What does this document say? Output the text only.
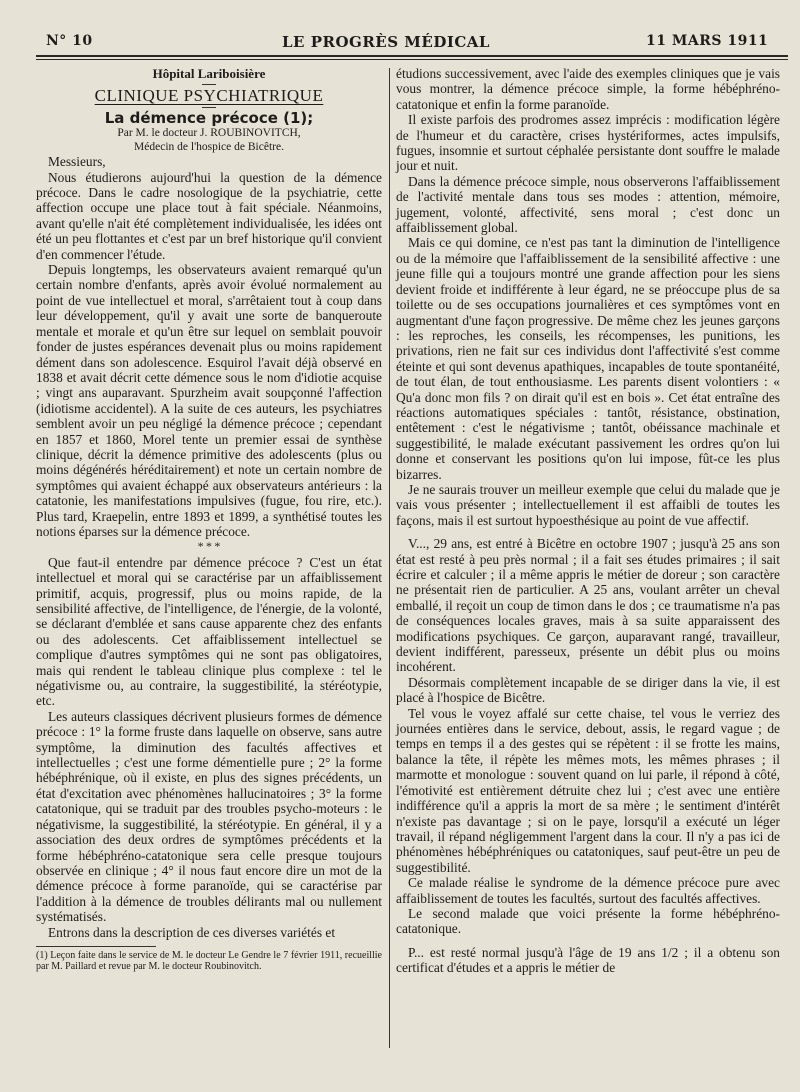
N° 10	LE PROGRÈS MÉDICAL	11 MARS 1911

Hôpital Lariboisière

CLINIQUE PSYCHIATRIQUE

La démence précoce (1);

Par M. le docteur J. ROUBINOVITCH,

Médecin de l'hospice de Bicêtre.

Messieurs,

Nous étudierons aujourd'hui la question de la démence précoce. Dans le cadre nosologique de la psychiatrie, cette affection occupe une place tout à fait spéciale. Néanmoins, avant qu'elle n'ait été complètement individualisée, les idées ont été un peu flottantes et c'est par un bref historique qu'il convient d'en commencer l'étude.

Depuis longtemps, les observateurs avaient remarqué qu'un certain nombre d'enfants, après avoir évolué normalement au point de vue intellectuel et moral, s'arrêtaient tout à coup dans leur développement, qu'il y avait une sorte de banqueroute mentale et morale et qu'un être sur lequel on semblait pouvoir fonder de justes espérances devenait plus ou moins rapidement dément dans son adolescence. Esquirol l'avait déjà observé en 1838 et avait décrit cette démence sous le nom d'idiotie acquise ; vingt ans auparavant. Spurzheim avait soupçonné l'affection (idiotisme accidentel). A la suite de ces auteurs, les psychiatres semblent avoir un peu négligé la démence précoce ; cependant en 1857 et 1860, Morel tente un premier essai de synthèse clinique, décrit la démence primitive des adolescents (plus ou moins dégénérés héréditairement) et note un certain nombre de symptômes qui avaient échappé aux observateurs antérieurs : la catatonie, les manifestations impulsives (fugue, fou rire, etc.). Plus tard, Kraepelin, entre 1893 et 1899, a synthétisé toutes les notions éparses sur la démence précoce.

* * *

Que faut-il entendre par démence précoce ? C'est un état intellectuel et moral qui se caractérise par un affaiblissement primitif, acquis, progressif, plus ou moins rapide, de la sensibilité affective, de l'intelligence, de l'énergie, de la volonté, se déclarant d'emblée et sans cause apparente chez des enfants ou des adolescents. Cet affaiblissement intellectuel se complique d'autres symptômes qui ne sont pas obligatoires, mais qui rendent le tableau clinique plus complexe : tel le négativisme ou, au contraire, la suggestibilité, la stéréotypie, etc.

Les auteurs classiques décrivent plusieurs formes de démence précoce : 1° la forme fruste dans laquelle on observe, sans autre symptôme, la diminution des facultés affectives et intellectuelles ; c'est une forme démentielle pure ; 2° la forme hébéphrénique, où il existe, en plus des signes précédents, un état d'excitation avec phénomènes hallucinatoires ; 3° la forme catatonique, qui se traduit par des troubles psycho-moteurs : le négativisme, la suggestibilité, la stéréotypie. En général, il y a association des deux ordres de symptômes précédents et la forme hébéphréno-catatonique sera celle presque toujours observée en clinique ; 4° il nous faut encore dire un mot de la démence précoce à forme paranoïde, qui se caractérise par l'addition à la démence de troubles délirants mal ou nullement systématisés.

Entrons dans la description de ces diverses variétés et

(1) Leçon faite dans le service de M. le docteur Le Gendre le 7 février 1911, recueillie par M. Paillard et revue par M. le docteur Roubinovitch.

étudions successivement, avec l'aide des exemples cliniques que je vais vous montrer, la démence précoce simple, la forme hébéphréno-catatonique et enfin la forme paranoïde.

Il existe parfois des prodromes assez imprécis : modification légère de l'humeur et du caractère, crises hystériformes, actes impulsifs, fugues, insomnie et surtout céphalée persistante dont souffre le malade jour et nuit.

Dans la démence précoce simple, nous observerons l'affaiblissement de l'activité mentale dans tous ses modes : attention, mémoire, jugement, volonté, affectivité, sens moral ; c'est donc un affaiblissement global.

Mais ce qui domine, ce n'est pas tant la diminution de l'intelligence ou de la mémoire que l'affaiblissement de la sensibilité affective : une jeune fille qui a toujours montré une grande affection pour les siens devient froide et indifférente à leur égard, ne se préoccupe plus de sa toilette ou de ses occupations journalières et ces symptômes vont en augmentant d'une façon progressive. De même chez les jeunes garçons : les reproches, les conseils, les récompenses, les punitions, les privations, rien ne fait sur ces individus dont l'affectivité s'est comme éteinte et qui sont devenus apathiques, incapables de toute spontanéité, de tout élan, de tout enthousiasme. Les parents disent volontiers : « Qu'a donc mon fils ? on dirait qu'il est en bois ». Cet état entraîne des réactions automatiques spéciales : tantôt, résistance, obstination, entêtement : c'est le négativisme ; tantôt, obéissance machinale et suggestibilité, le malade exécutant passivement les ordres qu'on lui donne et conservant les positions qu'on lui impose, fût-ce les plus bizarres.

Je ne saurais trouver un meilleur exemple que celui du malade que je vais vous présenter ; intellectuellement il est affaibli de toutes les façons, mais il est surtout hypoesthésique au point de vue affectif.

V..., 29 ans, est entré à Bicêtre en octobre 1907 ; jusqu'à 25 ans son état est resté à peu près normal ; il a fait ses études primaires ; il sait écrire et calculer ; il a même appris le métier de doreur ; son caractère ne présentait rien de particulier. A 25 ans, voulant arrêter un cheval emballé, il reçoit un coup de timon dans le dos ; ce traumatisme n'a pas de conséquences locales graves, mais à sa suite apparaissent des modifications psychiques. Ce garçon, auparavant rangé, travailleur, devient indifférent, paresseux, présente un débit plus ou moins incohérent.

Désormais complètement incapable de se diriger dans la vie, il est placé à l'hospice de Bicêtre.

Tel vous le voyez affalé sur cette chaise, tel vous le verriez des journées entières dans le service, debout, assis, le regard vague ; de temps en temps il a des gestes qui se répètent : il se frotte les mains, balance la tête, il répète les mêmes mots, les mêmes phrases ; il marmotte et monologue : souvent quand on lui parle, il répond à côté, l'émotivité est entièrement détruite chez lui ; c'est avec une entière indifférence qu'il a appris la mort de sa mère ; le sentiment d'intérêt n'existe pas davantage ; si on le paye, lorsqu'il a exécuté un léger travail, il répand négligemment l'argent dans la cour. Il n'y a pas ici de phénomènes hébéphréniques ou catatoniques, sauf peut-être un peu de suggestibilité.

Ce malade réalise le syndrome de la démence précoce pure avec affaiblissement de toutes les facultés, surtout des facultés affectives.

Le second malade que voici présente la forme hébéphréno-catatonique.

P... est resté normal jusqu'à l'âge de 19 ans 1/2 ; il a obtenu son certificat d'études et a appris le métier de
